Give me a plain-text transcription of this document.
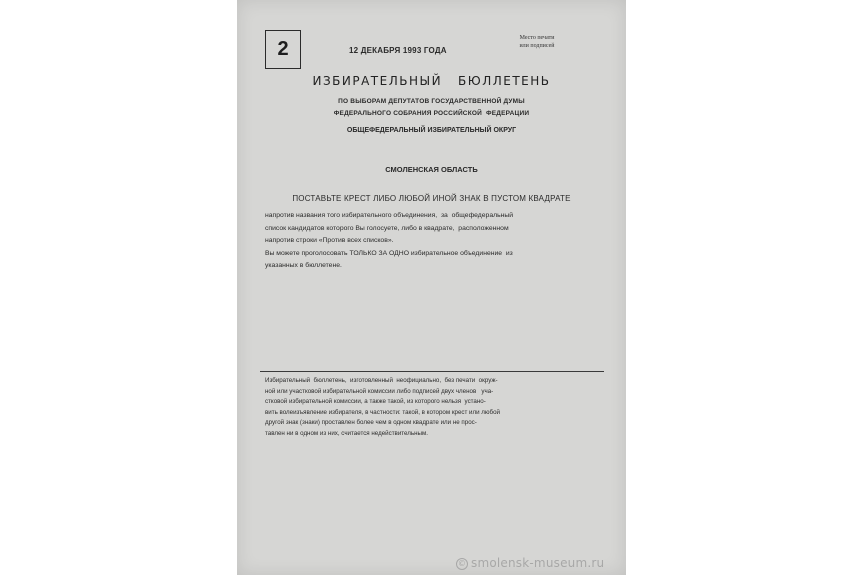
2	12 ДЕКАБРЯ 1993 ГОДА
Место печати
или подписей
ИЗБИРАТЕЛЬНЫЙ   БЮЛЛЕТЕНЬ
ПО ВЫБОРАМ ДЕПУТАТОВ ГОСУДАРСТВЕННОЙ ДУМЫ
ФЕДЕРАЛЬНОГО СОБРАНИЯ РОССИЙСКОЙ  ФЕДЕРАЦИИ
ОБЩЕФЕДЕРАЛЬНЫЙ ИЗБИРАТЕЛЬНЫЙ ОКРУГ
СМОЛЕНСКАЯ ОБЛАСТЬ
ПОСТАВЬТЕ КРЕСТ ЛИБО ЛЮБОЙ ИНОЙ ЗНАК В ПУСТОМ КВАДРАТЕ
напротив названия того избирательного объединения,  за  общефедеральный
список кандидатов которого Вы голосуете, либо в квадрате,  расположенном
напротив строки «Против всех списков».
Вы можете проголосовать ТОЛЬКО ЗА ОДНО избирательное объединение  из
указанных в бюллетене.
Избирательный  бюллетень,  изготовленный  неофициально,  без печати  окруж-
ной или участковой избирательной комиссии либо подписей двух членов   уча-
стковой избирательной комиссии, а также такой, из которого нельзя  устано-
вить волеизъявление избирателя, в частности: такой, в котором крест или любой
другой знак (знаки) проставлен более чем в одном квадрате или не прос-
тавлен ни в одном из них, считается недействительным.
© smolensk-museum.ru
